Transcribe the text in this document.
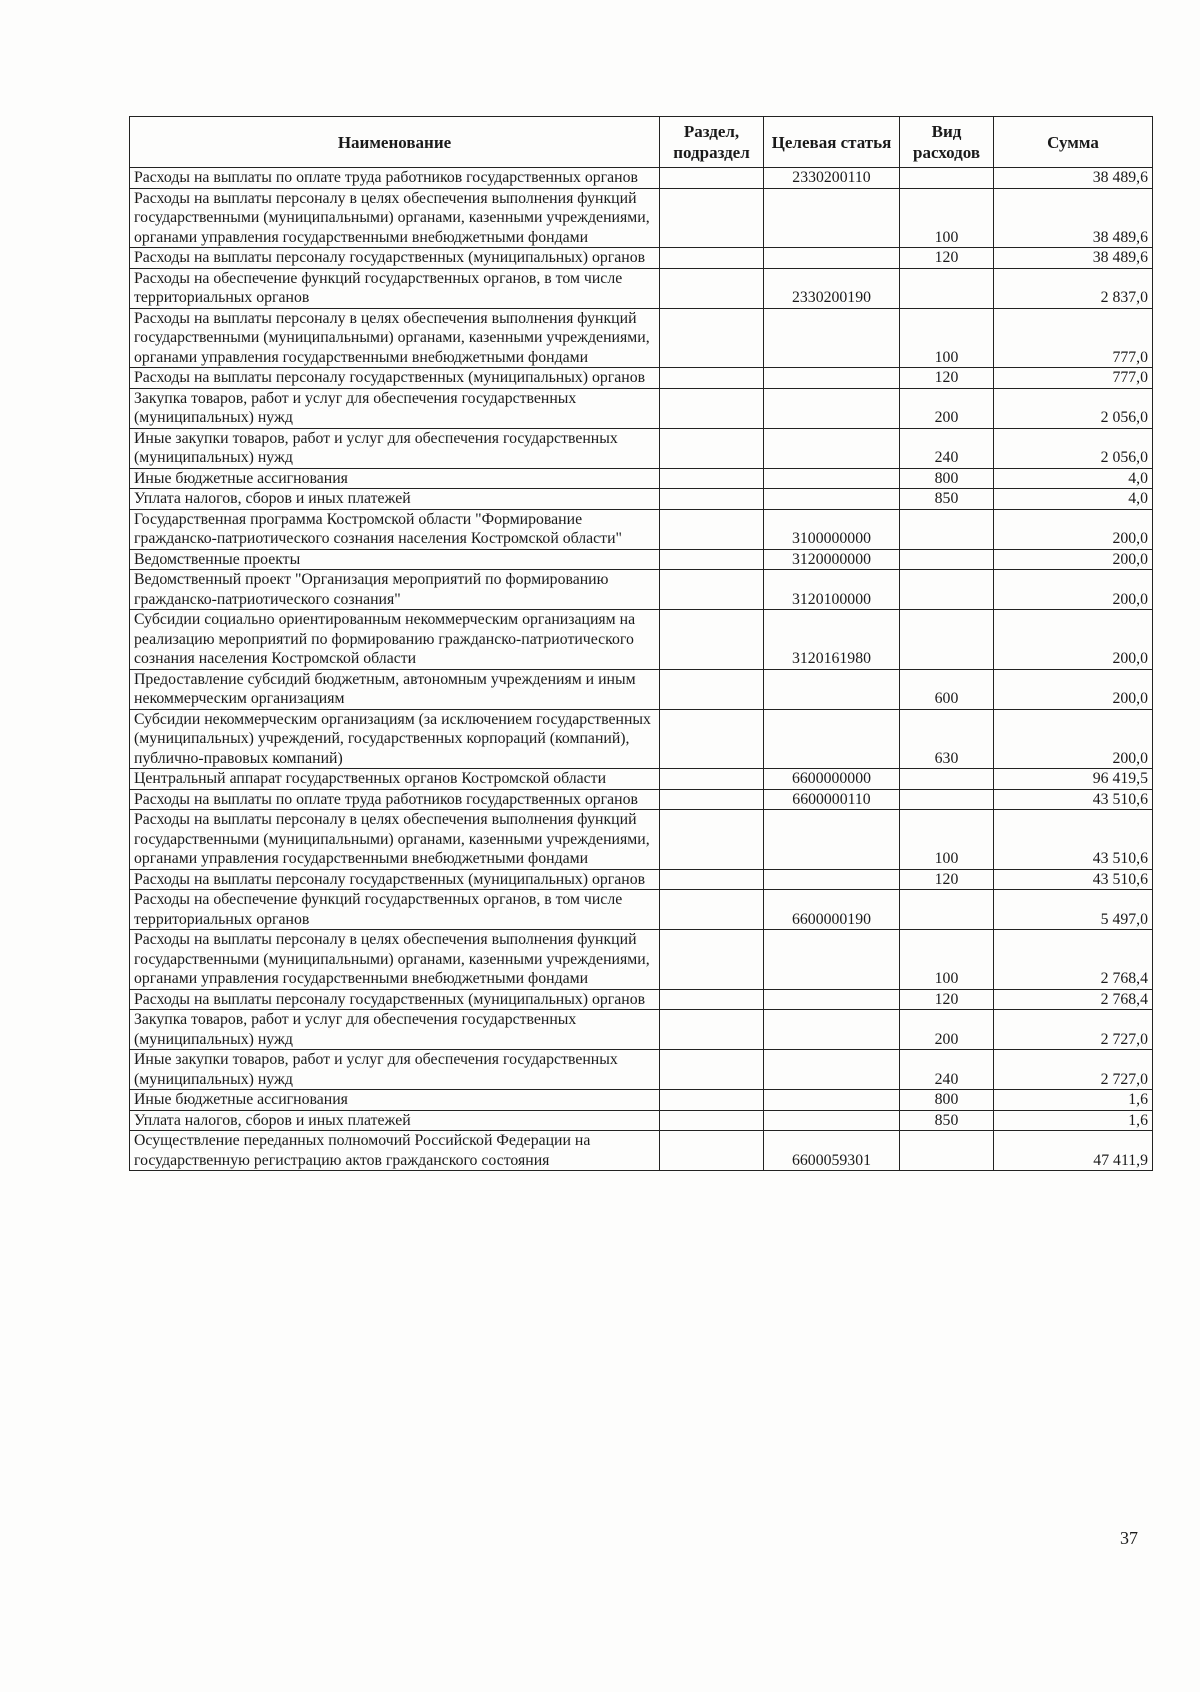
Наименование	Раздел, подраздел	Целевая статья	Вид расходов	Сумма
Расходы на выплаты по оплате труда работников государственных органов		2330200110		38 489,6
Расходы на выплаты персоналу в целях обеспечения выполнения функций государственными (муниципальными) органами, казенными учреждениями, органами управления государственными внебюджетными фондами			100	38 489,6
Расходы на выплаты персоналу государственных (муниципальных) органов			120	38 489,6
Расходы на обеспечение функций государственных органов, в том числе территориальных органов		2330200190		2 837,0
Расходы на выплаты персоналу в целях обеспечения выполнения функций государственными (муниципальными) органами, казенными учреждениями, органами управления государственными внебюджетными фондами			100	777,0
Расходы на выплаты персоналу государственных (муниципальных) органов			120	777,0
Закупка товаров, работ и услуг для обеспечения государственных (муниципальных) нужд			200	2 056,0
Иные закупки товаров, работ и услуг для обеспечения государственных (муниципальных) нужд			240	2 056,0
Иные бюджетные ассигнования			800	4,0
Уплата налогов, сборов и иных платежей			850	4,0
Государственная программа Костромской области "Формирование гражданско-патриотического сознания населения Костромской области"		3100000000		200,0
Ведомственные проекты		3120000000		200,0
Ведомственный проект "Организация мероприятий по формированию гражданско-патриотического сознания"		3120100000		200,0
Субсидии социально ориентированным некоммерческим организациям на реализацию мероприятий по формированию гражданско-патриотического сознания населения Костромской области		3120161980		200,0
Предоставление субсидий бюджетным, автономным учреждениям и иным некоммерческим организациям			600	200,0
Субсидии некоммерческим организациям (за исключением государственных (муниципальных) учреждений, государственных корпораций (компаний), публично-правовых компаний)			630	200,0
Центральный аппарат государственных органов Костромской области		6600000000		96 419,5
Расходы на выплаты по оплате труда работников государственных органов		6600000110		43 510,6
Расходы на выплаты персоналу в целях обеспечения выполнения функций государственными (муниципальными) органами, казенными учреждениями, органами управления государственными внебюджетными фондами			100	43 510,6
Расходы на выплаты персоналу государственных (муниципальных) органов			120	43 510,6
Расходы на обеспечение функций государственных органов, в том числе территориальных органов		6600000190		5 497,0
Расходы на выплаты персоналу в целях обеспечения выполнения функций государственными (муниципальными) органами, казенными учреждениями, органами управления государственными внебюджетными фондами			100	2 768,4
Расходы на выплаты персоналу государственных (муниципальных) органов			120	2 768,4
Закупка товаров, работ и услуг для обеспечения государственных (муниципальных) нужд			200	2 727,0
Иные закупки товаров, работ и услуг для обеспечения государственных (муниципальных) нужд			240	2 727,0
Иные бюджетные ассигнования			800	1,6
Уплата налогов, сборов и иных платежей			850	1,6
Осуществление переданных полномочий Российской Федерации на государственную регистрацию актов гражданского состояния		6600059301		47 411,9
37
